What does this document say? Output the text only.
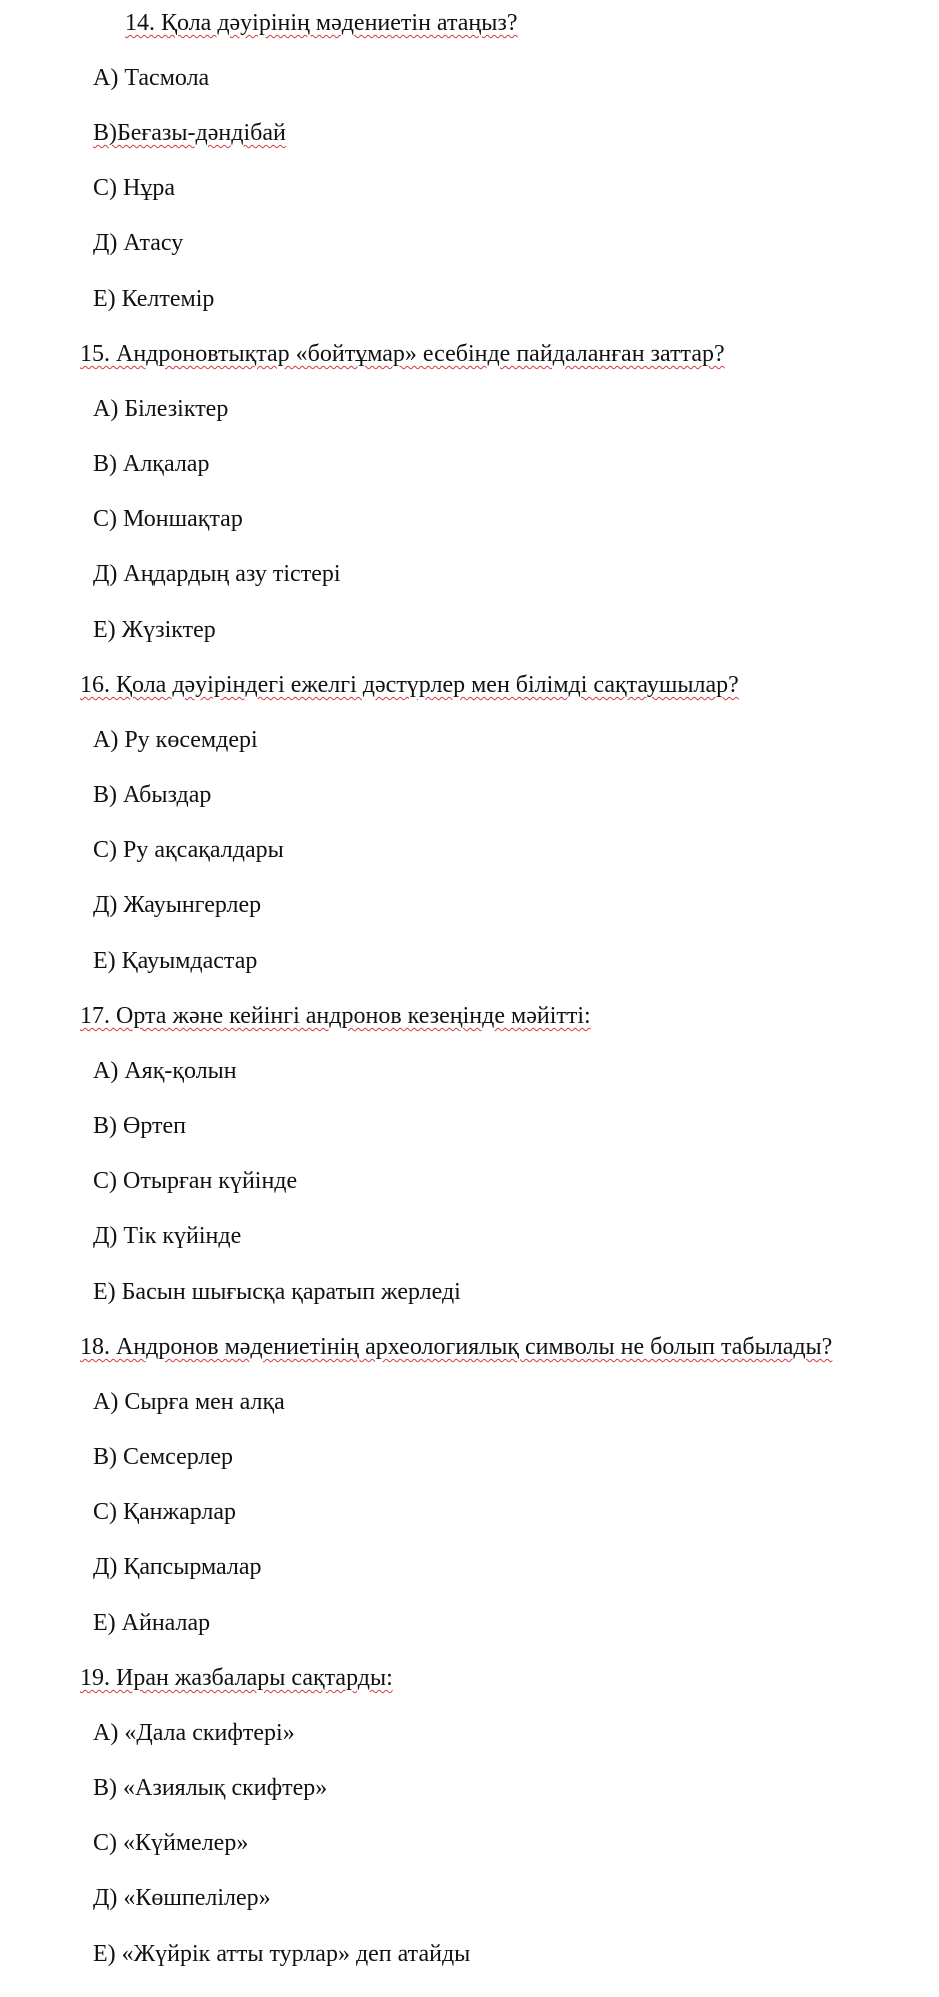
14. Қола дәуірінің мәдениетін атаңыз?
А) Тасмола
В)Беғазы-дәндібай
С) Нұра
Д) Атасу
Е) Келтемір
15. Андроновтықтар «бойтұмар» есебінде пайдаланған заттар?
А) Білезіктер
В) Алқалар
С) Моншақтар
Д) Аңдардың азу тістері
Е) Жүзіктер
16. Қола дәуіріндегі ежелгі дәстүрлер мен білімді сақтаушылар?
А) Ру көсемдері
В) Абыздар
С) Ру ақсақалдары
Д) Жауынгерлер
Е) Қауымдастар
17. Орта және кейінгі андронов кезеңінде мәйітті:
А) Аяқ-қолын
В) Өртеп
С) Отырған күйінде
Д) Тік күйінде
Е) Басын шығысқа қаратып жерледі
18. Андронов мәдениетінің археологиялық символы не болып табылады?
А) Сырға мен алқа
В) Семсерлер
С) Қанжарлар
Д) Қапсырмалар
Е) Айналар
19. Иран жазбалары сақтарды:
А) «Дала скифтері»
В) «Азиялық скифтер»
С) «Күймелер»
Д) «Көшпелілер»
Е) «Жүйрік атты турлар» деп атайды
